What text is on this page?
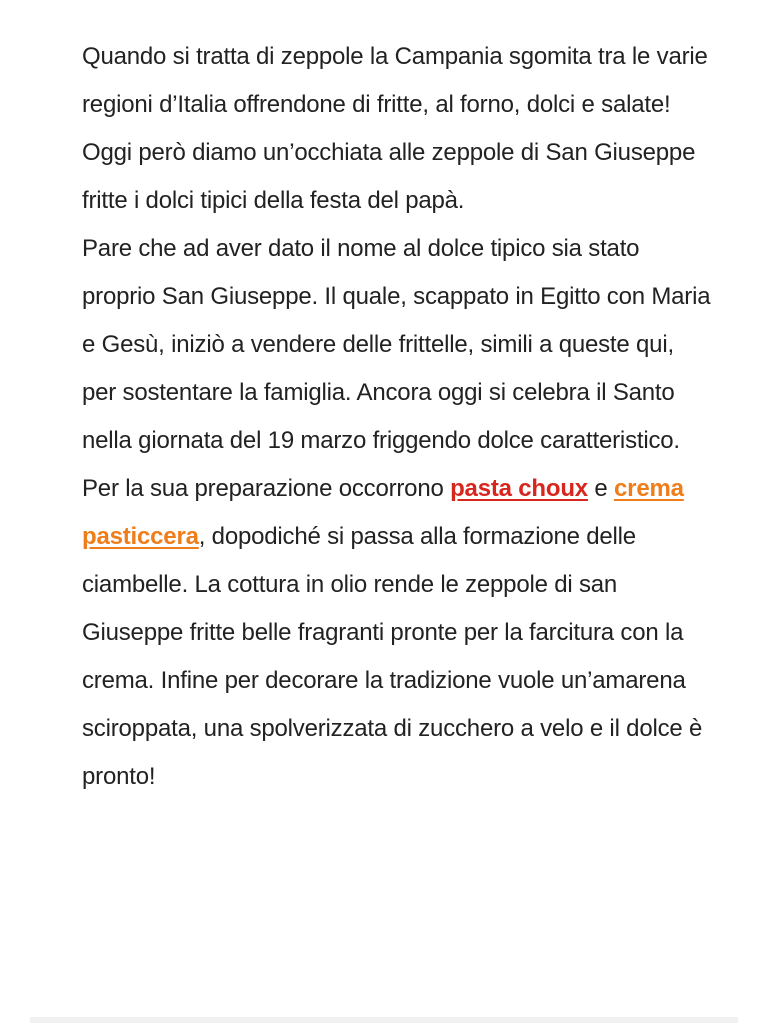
Quando si tratta di zeppole la Campania sgomita tra le varie regioni d’Italia offrendone di fritte, al forno, dolci e salate! Oggi però diamo un’occhiata alle zeppole di San Giuseppe fritte i dolci tipici della festa del papà.

Pare che ad aver dato il nome al dolce tipico sia stato proprio San Giuseppe. Il quale, scappato in Egitto con Maria e Gesù, iniziò a vendere delle frittelle, simili a queste qui, per sostentare la famiglia. Ancora oggi si celebra il Santo nella giornata del 19 marzo friggendo dolce caratteristico.

Per la sua preparazione occorrono pasta choux e crema pasticcera, dopodiché si passa alla formazione delle ciambelle. La cottura in olio rende le zeppole di san Giuseppe fritte belle fragranti pronte per la farcitura con la crema. Infine per decorare la tradizione vuole un’amarena sciroppata, una spolverizzata di zucchero a velo e il dolce è pronto!
